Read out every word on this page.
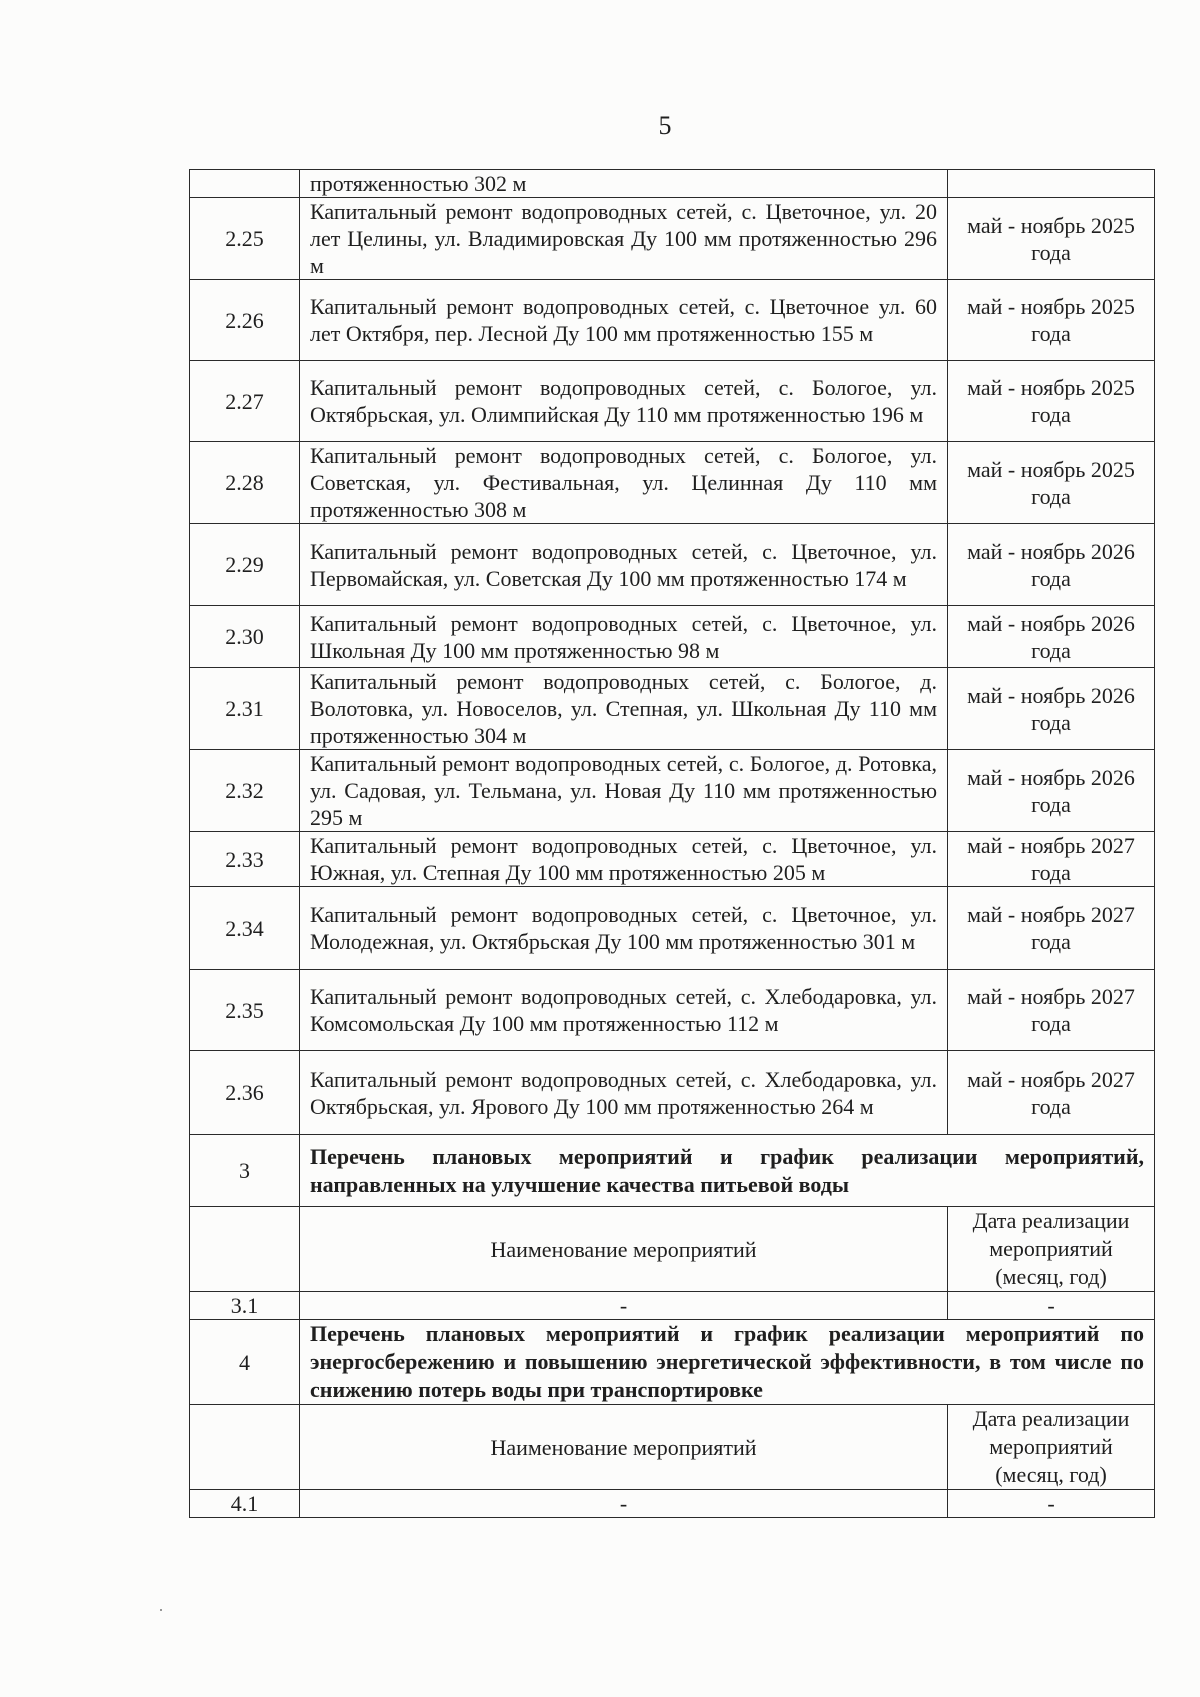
5
	протяженностью 302 м	
2.25	Капитальный ремонт водопроводных сетей, с. Цветочное, ул. 20 лет Целины, ул. Владимировская Ду 100 мм протяженностью 296 м	май - ноябрь 2025 года
2.26	Капитальный ремонт водопроводных сетей, с. Цветочное ул. 60 лет Октября, пер. Лесной Ду 100 мм протяженностью 155 м	май - ноябрь 2025 года
2.27	Капитальный ремонт водопроводных сетей, с. Бологое, ул. Октябрьская, ул. Олимпийская Ду 110 мм протяженностью 196 м	май - ноябрь 2025 года
2.28	Капитальный ремонт водопроводных сетей, с. Бологое, ул. Советская, ул. Фестивальная, ул. Целинная Ду 110 мм протяженностью 308 м	май - ноябрь 2025 года
2.29	Капитальный ремонт водопроводных сетей, с. Цветочное, ул. Первомайская, ул. Советская Ду 100 мм протяженностью 174 м	май - ноябрь 2026 года
2.30	Капитальный ремонт водопроводных сетей, с. Цветочное, ул. Школьная Ду 100 мм протяженностью 98 м	май - ноябрь 2026 года
2.31	Капитальный ремонт водопроводных сетей, с. Бологое, д. Волотовка, ул. Новоселов, ул. Степная, ул. Школьная Ду 110 мм протяженностью 304 м	май - ноябрь 2026 года
2.32	Капитальный ремонт водопроводных сетей, с. Бологое, д. Ротовка, ул. Садовая, ул. Тельмана, ул. Новая Ду 110 мм протяженностью 295 м	май - ноябрь 2026 года
2.33	Капитальный ремонт водопроводных сетей, с. Цветочное, ул. Южная, ул. Степная Ду 100 мм протяженностью 205 м	май - ноябрь 2027 года
2.34	Капитальный ремонт водопроводных сетей, с. Цветочное, ул. Молодежная, ул. Октябрьская Ду 100 мм протяженностью 301 м	май - ноябрь 2027 года
2.35	Капитальный ремонт водопроводных сетей, с. Хлебодаровка, ул. Комсомольская Ду 100 мм протяженностью 112 м	май - ноябрь 2027 года
2.36	Капитальный ремонт водопроводных сетей, с. Хлебодаровка, ул. Октябрьская, ул. Ярового Ду 100 мм протяженностью 264 м	май - ноябрь 2027 года
3	Перечень плановых мероприятий и график реализации мероприятий, направленных на улучшение качества питьевой воды	
	Наименование мероприятий	Дата реализации мероприятий (месяц, год)
3.1	-	-
4	Перечень плановых мероприятий и график реализации мероприятий по энергосбережению и повышению энергетической эффективности, в том числе по снижению потерь воды при транспортировке	
	Наименование мероприятий	Дата реализации мероприятий (месяц, год)
4.1	-	-
